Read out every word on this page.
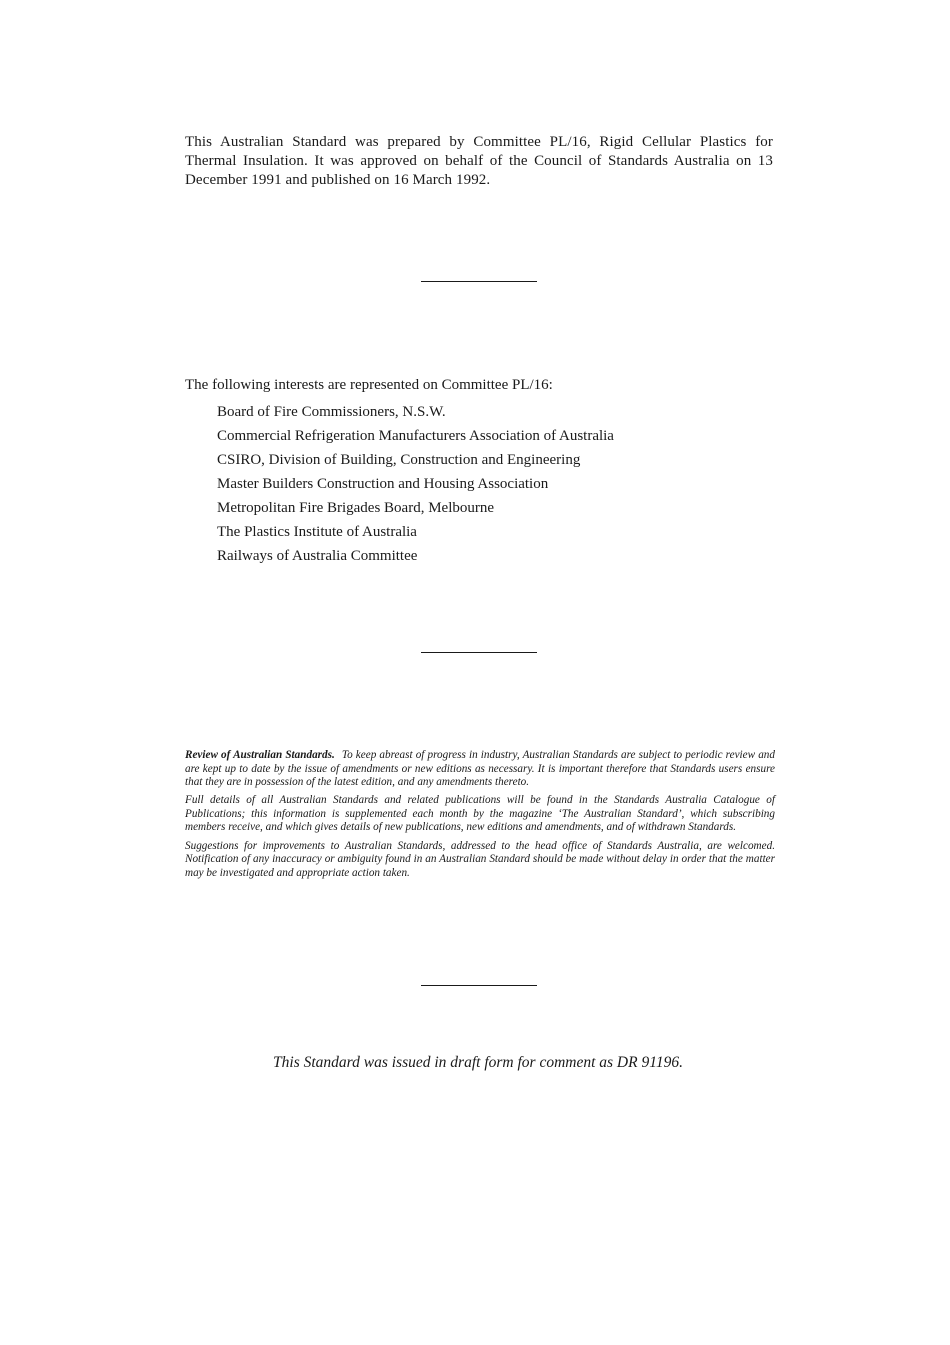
This Australian Standard was prepared by Committee PL/16, Rigid Cellular Plastics for Thermal Insulation. It was approved on behalf of the Council of Standards Australia on 13 December 1991 and published on 16 March 1992.

The following interests are represented on Committee PL/16:

Board of Fire Commissioners, N.S.W.
Commercial Refrigeration Manufacturers Association of Australia
CSIRO, Division of Building, Construction and Engineering
Master Builders Construction and Housing Association
Metropolitan Fire Brigades Board, Melbourne
The Plastics Institute of Australia
Railways of Australia Committee

Review of Australian Standards. To keep abreast of progress in industry, Australian Standards are subject to periodic review and are kept up to date by the issue of amendments or new editions as necessary. It is important therefore that Standards users ensure that they are in possession of the latest edition, and any amendments thereto.

Full details of all Australian Standards and related publications will be found in the Standards Australia Catalogue of Publications; this information is supplemented each month by the magazine ‘The Australian Standard’, which subscribing members receive, and which gives details of new publications, new editions and amendments, and of withdrawn Standards.

Suggestions for improvements to Australian Standards, addressed to the head office of Standards Australia, are welcomed. Notification of any inaccuracy or ambiguity found in an Australian Standard should be made without delay in order that the matter may be investigated and appropriate action taken.

This Standard was issued in draft form for comment as DR 91196.
